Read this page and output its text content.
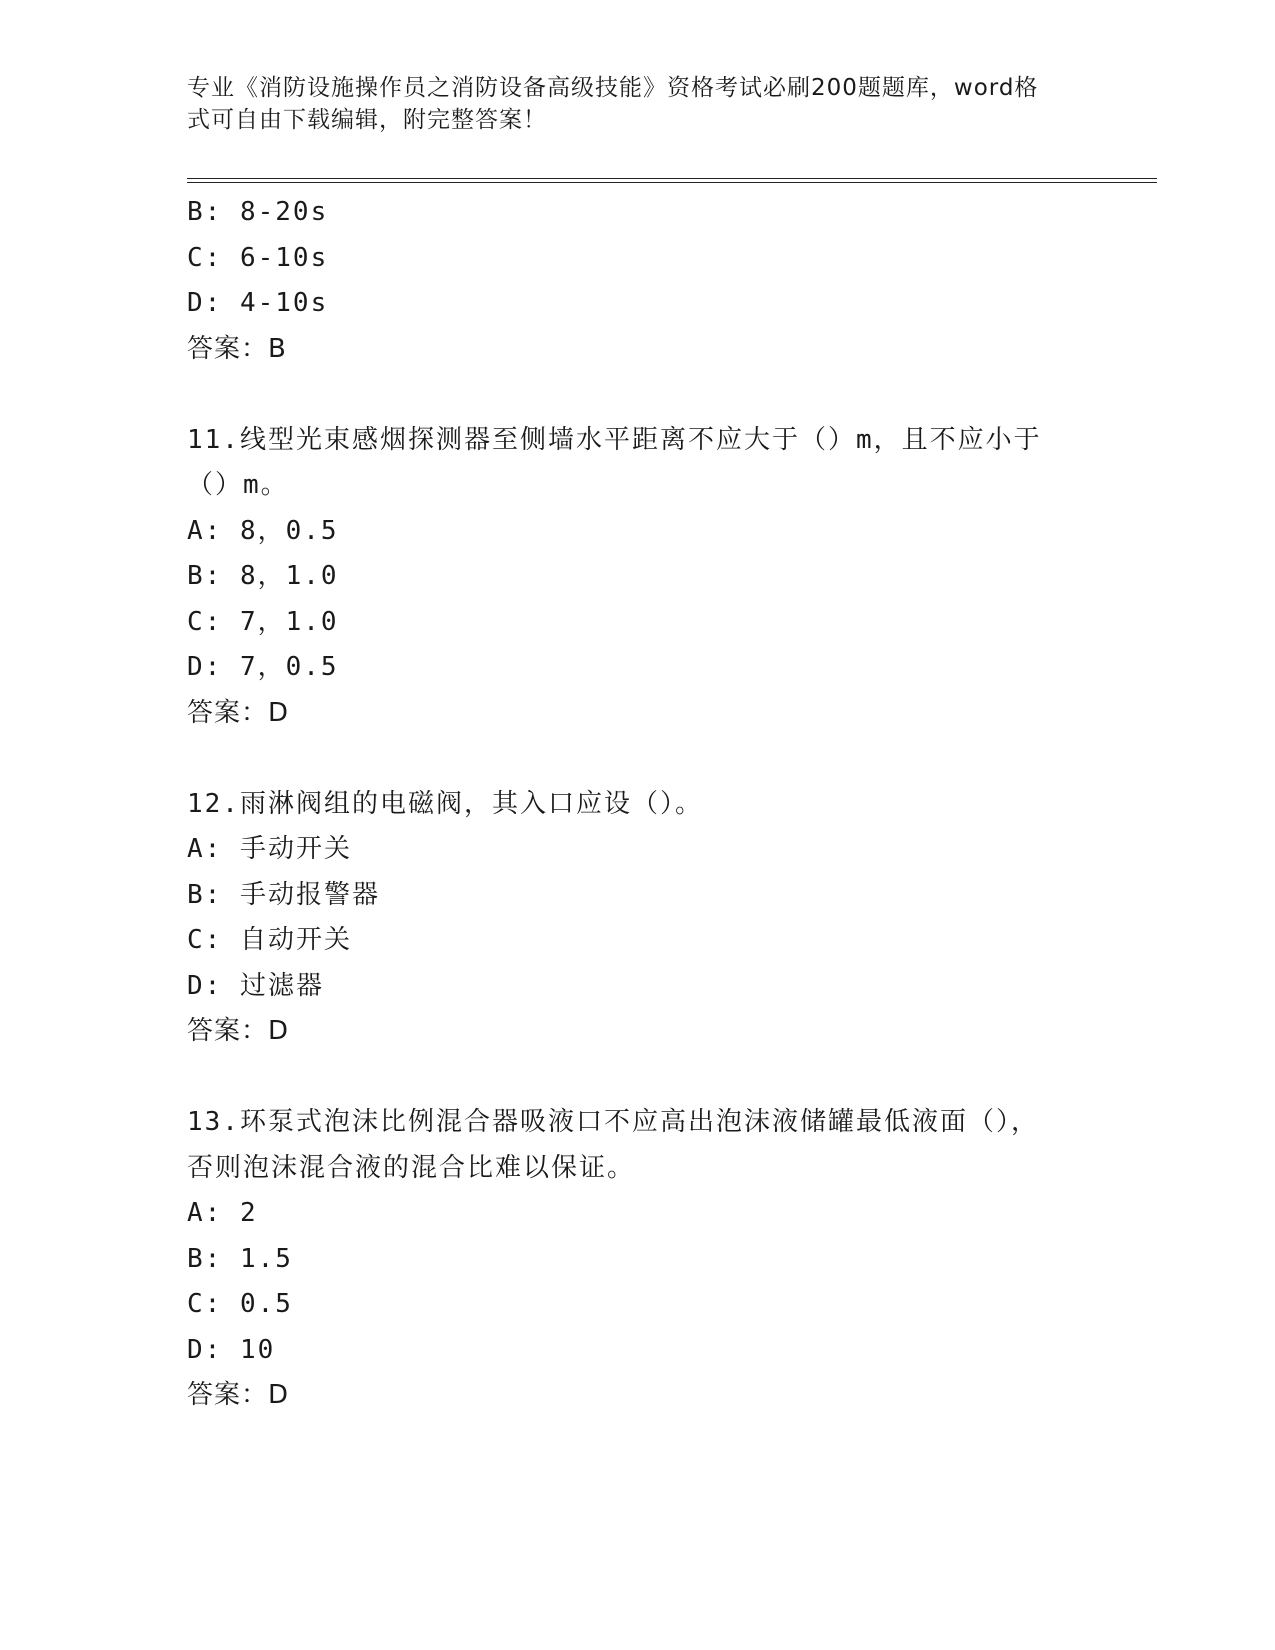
专业《消防设施操作员之消防设备高级技能》资格考试必刷200题题库，word格
式可自由下载编辑，附完整答案！
B: 8-20s
C: 6-10s
D: 4-10s
答案：B
11.线型光束感烟探测器至侧墙水平距离不应大于（）m，且不应小于
（）m。
A: 8，0.5
B: 8，1.0
C: 7，1.0
D: 7，0.5
答案：D
12.雨淋阀组的电磁阀，其入口应设（）。
A: 手动开关
B: 手动报警器
C: 自动开关
D: 过滤器
答案：D
13.环泵式泡沫比例混合器吸液口不应高出泡沫液储罐最低液面（），
否则泡沫混合液的混合比难以保证。
A: 2
B: 1.5
C: 0.5
D: 10
答案：D
